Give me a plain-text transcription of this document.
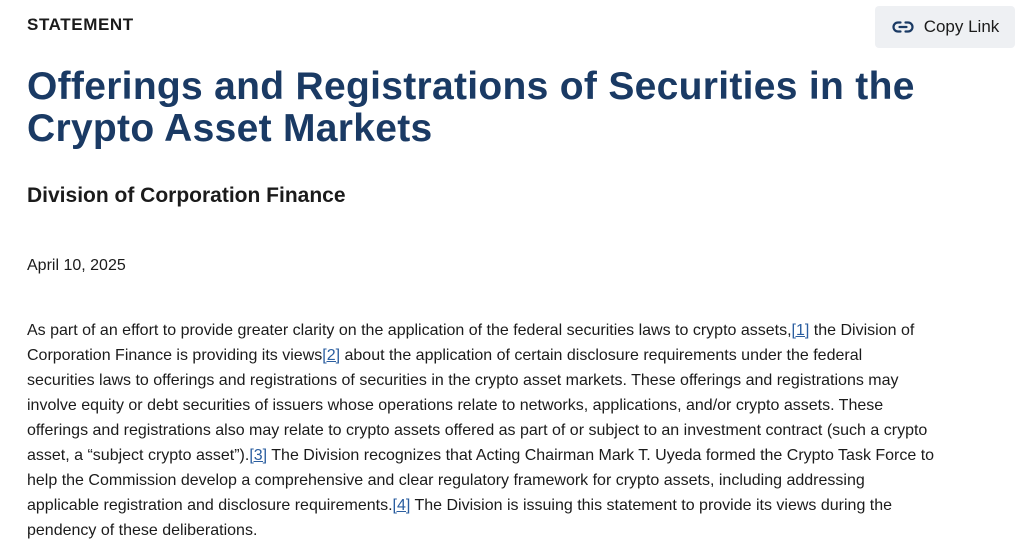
STATEMENT	Copy Link
Offerings and Registrations of Securities in the Crypto Asset Markets
Division of Corporation Finance
April 10, 2025

As part of an effort to provide greater clarity on the application of the federal securities laws to crypto assets,[1] the Division of
Corporation Finance is providing its views[2] about the application of certain disclosure requirements under the federal
securities laws to offerings and registrations of securities in the crypto asset markets. These offerings and registrations may
involve equity or debt securities of issuers whose operations relate to networks, applications, and/or crypto assets. These
offerings and registrations also may relate to crypto assets offered as part of or subject to an investment contract (such a crypto
asset, a “subject crypto asset”).[3] The Division recognizes that Acting Chairman Mark T. Uyeda formed the Crypto Task Force to
help the Commission develop a comprehensive and clear regulatory framework for crypto assets, including addressing
applicable registration and disclosure requirements.[4] The Division is issuing this statement to provide its views during the
pendency of these deliberations.
